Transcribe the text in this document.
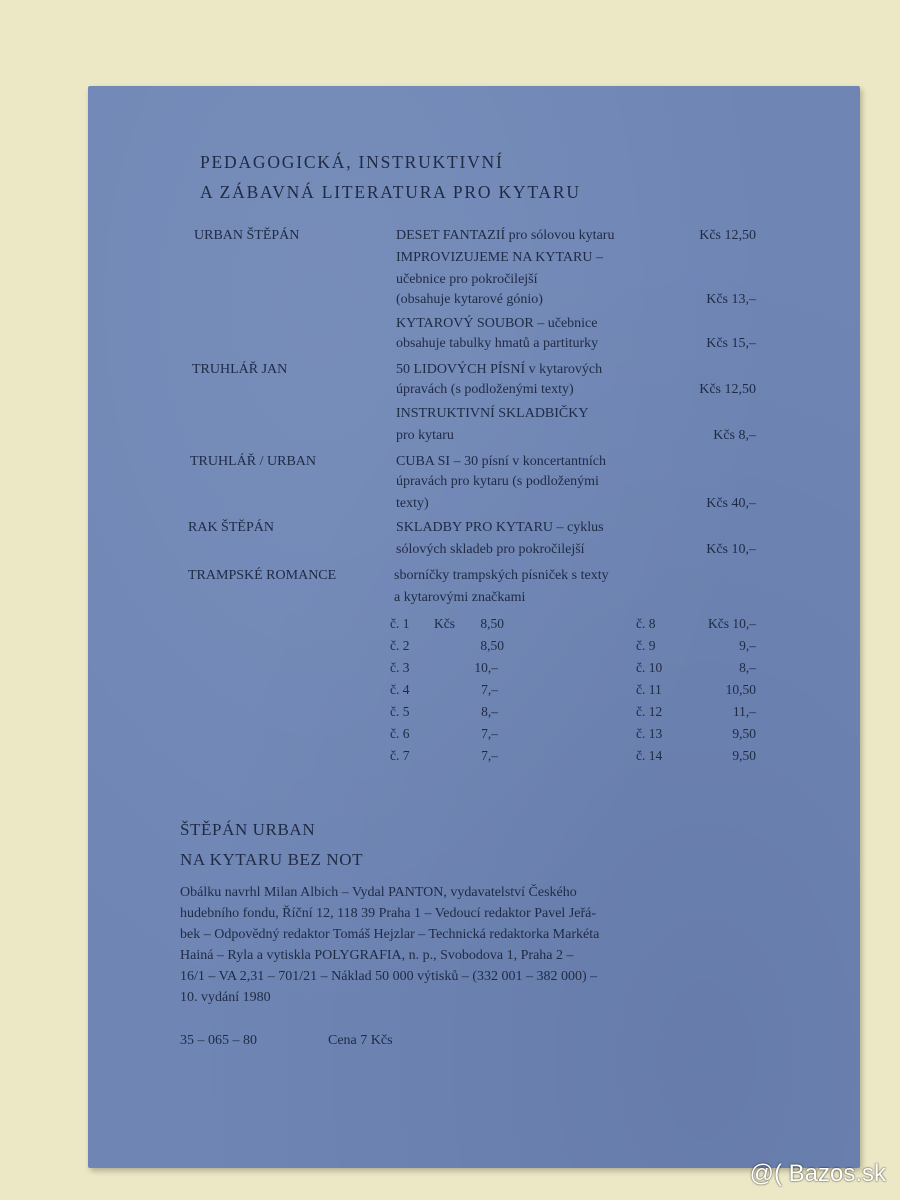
PEDAGOGICKÁ, INSTRUKTIVNÍ
A ZÁBAVNÁ LITERATURA PRO KYTARU
URBAN ŠTĚPÁN	DESET FANTAZIÍ pro sólovou kytaru	Kčs 12,50
IMPROVIZUJEME NA KYTARU –
učebnice pro pokročilejší
(obsahuje kytarové gónio)	Kčs 13,–
KYTAROVÝ SOUBOR – učebnice
obsahuje tabulky hmatů a partiturky	Kčs 15,–
TRUHLÁŘ JAN	50 LIDOVÝCH PÍSNÍ v kytarových
úpravách (s podloženými texty)	Kčs 12,50
INSTRUKTIVNÍ SKLADBIČKY
pro kytaru	Kčs 8,–
TRUHLÁŘ / URBAN	CUBA SI – 30 písní v koncertantních
úpravách pro kytaru (s podloženými
texty)	Kčs 40,–
RAK ŠTĚPÁN	SKLADBY PRO KYTARU – cyklus
sólových skladeb pro pokročilejší	Kčs 10,–
TRAMPSKÉ ROMANCE	sborníčky trampských písniček s texty
a kytarovými značkami
č. 1 Kčs	8,50
č. 2	8,50
č. 3	10,–
č. 4	7,–
č. 5	8,–
č. 6	7,–
č. 7	7,–
č. 8	Kčs 10,–
č. 9	9,–
č. 10	8,–
č. 11	10,50
č. 12	11,–
č. 13	9,50
č. 14	9,50
ŠTĚPÁN URBAN
NA KYTARU BEZ NOT
Obálku navrhl Milan Albich – Vydal PANTON, vydavatelství Českého
hudebního fondu, Říční 12, 118 39 Praha 1 – Vedoucí redaktor Pavel Jeřá-
bek – Odpovědný redaktor Tomáš Hejzlar – Technická redaktorka Markéta
Hainá – Ryla a vytiskla POLYGRAFIA, n. p., Svobodova 1, Praha 2 –
16/1 – VA 2,31 – 701/21 – Náklad 50 000 výtisků – (332 001 – 382 000) –
10. vydání 1980
35 – 065 – 80	Cena 7 Kčs
@( Bazos.sk
